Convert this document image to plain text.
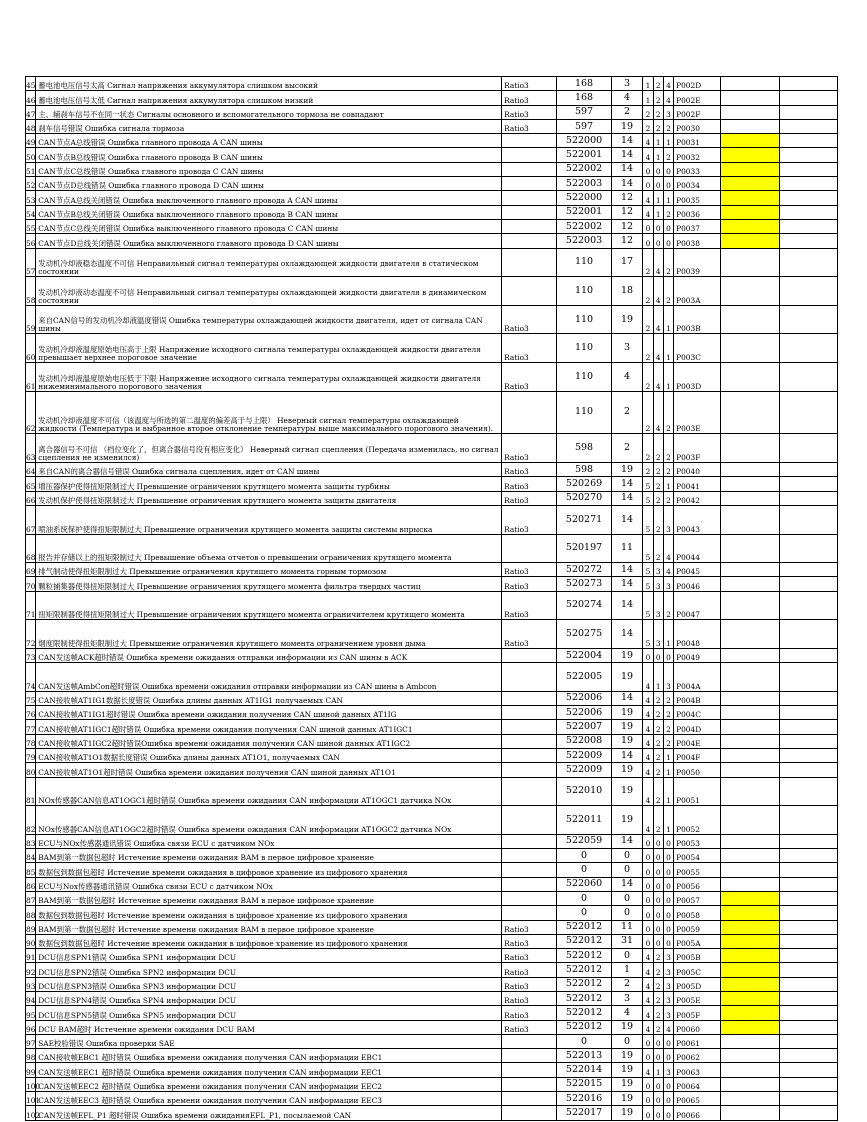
45	蓄电池电压信号太高 Сигнал напряжения аккумулятора слишком высокий	Ratio3	168	3	1	2	4	P002D		
46	蓄电池电压信号太低 Сигнал напряжения аккумулятора слишком низкий	Ratio3	168	4	1	2	4	P002E		
47	主、辅刹车信号不在同一状态 Сигналы основного и вспомогательного тормоза не совпадают	Ratio3	597	2	2	2	3	P002F		
48	刹车信号错误 Ошибка сигнала тормоза	Ratio3	597	19	2	2	2	P0030		
49	CAN节点A总线错误 Ошибка главного провода A CAN шины		522000	14	4	1	1	P0031		
50	CAN节点B总线错误 Ошибка главного провода B CAN шины		522001	14	4	1	2	P0032		
51	CAN节点C总线错误 Ошибка главного провода C CAN шины		522002	14	0	0	0	P0033		
52	CAN节点D总线错误 Ошибка главного провода D CAN шины		522003	14	0	0	0	P0034		
53	CAN节点A总线关闭错误 Ошибка выключенного главного провода A CAN шины		522000	12	4	1	1	P0035		
54	CAN节点B总线关闭错误 Ошибка выключенного главного провода B CAN шины		522001	12	4	1	2	P0036		
55	CAN节点C总线关闭错误 Ошибка выключенного главного провода C CAN шины		522002	12	0	0	0	P0037		
56	CAN节点D总线关闭错误 Ошибка выключенного главного провода D CAN шины		522003	12	0	0	0	P0038		
57	发动机冷却液稳态温度不可信 Неправильный сигнал температуры охлаждающей жидкости двигателя в статическом состоянии		110	17	2	4	2	P0039		
58	发动机冷却液动态温度不可信 Неправильный сигнал температуры охлаждающей жидкости двигателя в динамическом состоянии		110	18	2	4	2	P003A		
59	来自CAN信号的发动机冷却液温度错误 Ошибка температуры охлаждающей жидкости двигателя, идет от сигнала CAN шины	Ratio3	110	19	2	4	1	P003B		
60	发动机冷却液温度原始电压高于上限 Напряжение исходного сигнала температуры охлаждающей жидкости двигателя превышает верхнее пороговое значение	Ratio3	110	3	2	4	1	P003C		
61	发动机冷却液温度原始电压低于下限 Напряжение исходного сигнала температуры охлаждающей жидкости двигателя нижеминимального порогового значения	Ratio3	110	4	2	4	1	P003D		
62	发动机冷却液温度不可信（该温度与所选的第二温度的偏差高于与上限） Неверный сигнал температуры охлаждающей жидкости (Температура и выбранное второе отклонение температуры выше максимального порогового значения).		110	2	2	4	2	P003E		
63	离合器信号不可信 （档位变化了，但离合器信号没有相应变化） Неверный сигнал сцепления (Передача изменилась, но сигнал сцепления не изменился)	Ratio3	598	2	2	2	2	P003F		
64	来自CAN的离合器信号错误 Ошибка сигнала сцепления, идет от CAN шины	Ratio3	598	19	2	2	2	P0040		
65	增压器保护使得扭矩限制过大 Превышение ограничения крутящего момента защиты турбины	Ratio3	520269	14	5	2	1	P0041		
66	发动机保护使得扭矩限制过大 Превышение ограничения крутящего момента защиты двигателя	Ratio3	520270	14	5	2	2	P0042		
67	喷油系统保护使得扭矩限制过大 Превышение ограничения крутящего момента защиты системы впрыска	Ratio3	520271	14	5	2	3	P0043		
68	报告并存储以上的扭矩限制过大 Превышение объема отчетов о превышении ограничения крутящего момента		520197	11	5	2	4	P0044		
69	排气制动使得扭矩限制过大 Превышение ограничения крутящего момента горным тормозом	Ratio3	520272	14	5	3	4	P0045		
70	颗粒捕集器使得扭矩限制过大 Превышение ограничения крутящего момента фильтра твердых частиц	Ratio3	520273	14	5	3	3	P0046		
71	扭矩限制器使得扭矩限制过大 Превышение ограничения крутящего момента ограничителем крутящего момента	Ratio3	520274	14	5	3	2	P0047		
72	烟度限制使得扭矩限制过大 Превышение ограничения крутящего момента ограничением уровня дыма	Ratio3	520275	14	5	3	1	P0048		
73	CAN发送帧ACK超时错误 Ошибка времени ожидания отправки информации из CAN шины в ACK		522004	19	0	0	0	P0049		
74	CAN发送帧AmbCon超时错误 Ошибка времени ожидания отправки информации из CAN шины в Ambcon		522005	19	4	1	3	P004A		
75	CAN接收帧AT1IG1数据长度错误 Ошибка длины данных AT1IG1 получаемых CAN		522006	14	4	2	2	P004B		
76	CAN接收帧AT1IG1超时错误 Ошибка времени ожидания получения CAN шиной данных AT1IG		522006	19	4	2	2	P004C		
77	CAN接收帧AT1IGC1超时错误 Ошибка времени ожидания получения CAN шиной данных AT1IGC1		522007	19	4	2	2	P004D		
78	CAN接收帧AT1IGC2超时错误Ошибка времени ожидания получения CAN шиной данных AT1IGC2		522008	19	4	2	2	P004E		
79	CAN接收帧AT1O1数据长度错误 Ошибка длины данных AT1O1, получаемых CAN		522009	14	4	2	1	P004F		
80	CAN接收帧AT1O1超时错误 Ошибка времени ожидания получения CAN шиной данных AT1O1		522009	19	4	2	1	P0050		
81	NOx传感器CAN信息AT1OGC1超时错误 Ошибка времени ожидания CAN информации AT1OGC1 датчика NOx		522010	19	4	2	1	P0051		
82	NOx传感器CAN信息AT1OGC2超时错误 Ошибка времени ожидания CAN информации AT1OGC2 датчика NOx		522011	19	4	2	1	P0052		
83	ECU与NOx传感器通讯错误 Ошибка связи ECU с датчиком NOx		522059	14	0	0	0	P0053		
84	BAM到第一数据包超时 Истечение времени ожидания BAM в первое цифровое хранение		0	0	0	0	0	P0054		
85	数据包到数据包超时 Истечение времени ожидания в цифровое хранение из цифрового хранения		0	0	0	0	0	P0055		
86	ECU与Nox传感器通讯错误 Ошибка связи ECU с датчиком NOx		522060	14	0	0	0	P0056		
87	BAM到第一数据包超时 Истечение времени ожидания BAM в первое цифровое хранение		0	0	0	0	0	P0057		
88	数据包到数据包超时 Истечение времени ожидания в цифровое хранение из цифрового хранения		0	0	0	0	0	P0058		
89	BAM到第一数据包超时 Истечение времени ожидания BAM в первое цифровое хранение	Ratio3	522012	11	0	0	0	P0059		
90	数据包到数据包超时 Истечение времени ожидания в цифровое хранение из цифрового хранения	Ratio3	522012	31	0	0	0	P005A		
91	DCU信息SPN1错误 Ошибка SPN1 информации DCU	Ratio3	522012	0	4	2	3	P005B		
92	DCU信息SPN2错误 Ошибка SPN2 информации DCU	Ratio3	522012	1	4	2	3	P005C		
93	DCU信息SPN3错误 Ошибка SPN3 информации DCU	Ratio3	522012	2	4	2	3	P005D		
94	DCU信息SPN4错误 Ошибка SPN4 информации DCU	Ratio3	522012	3	4	2	3	P005E		
95	DCU信息SPN5错误 Ошибка SPN5 информации DCU	Ratio3	522012	4	4	2	3	P005F		
96	DCU BAM超时 Истечение времени ожидания DCU BAM	Ratio3	522012	19	4	2	4	P0060		
97	SAE校验错误 Ошибка проверки SAE		0	0	0	0	0	P0061		
98	CAN接收帧EBC1 超时错误 Ошибка времени ожидания получения CAN информации EBC1		522013	19	0	0	0	P0062		
99	CAN发送帧EEC1 超时错误 Ошибка времени ожидания получения CAN информации EEC1		522014	19	4	1	3	P0063		
100	CAN发送帧EEC2 超时错误 Ошибка времени ожидания получения CAN информации EEC2		522015	19	0	0	0	P0064		
101	CAN发送帧EEC3 超时错误 Ошибка времени ожидания получения CAN информации EEC3		522016	19	0	0	0	P0065		
102	CAN发送帧EFL_P1 超时错误 Ошибка времени ожиданияEFL_P1, посылаемой CAN		522017	19	0	0	0	P0066		
